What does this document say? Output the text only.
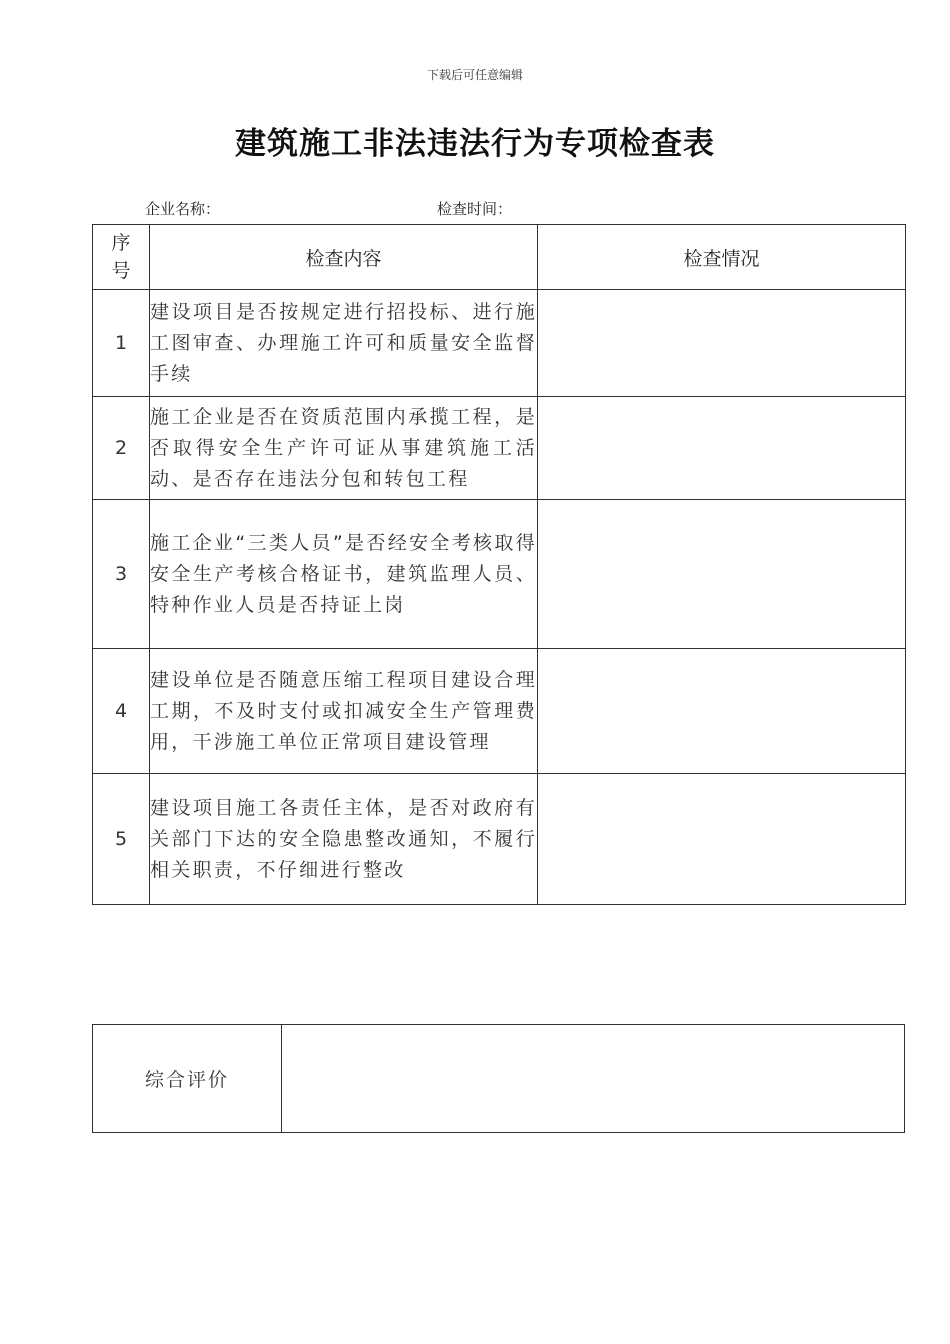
下载后可任意编辑
建筑施工非法违法行为专项检查表
企业名称：	检查时间：
序
号	检查内容	检查情况
1	建设项目是否按规定进行招投标、进行施工图审查、办理施工许可和质量安全监督手续	
2	施工企业是否在资质范围内承揽工程，是否取得安全生产许可证从事建筑施工活动、是否存在违法分包和转包工程	
3	施工企业“三类人员”是否经安全考核取得安全生产考核合格证书，建筑监理人员、特种作业人员是否持证上岗	
4	建设单位是否随意压缩工程项目建设合理工期，不及时支付或扣减安全生产管理费用，干涉施工单位正常项目建设管理	
5	建设项目施工各责任主体，是否对政府有关部门下达的安全隐患整改通知，不履行相关职责，不仔细进行整改	
综合评价	
